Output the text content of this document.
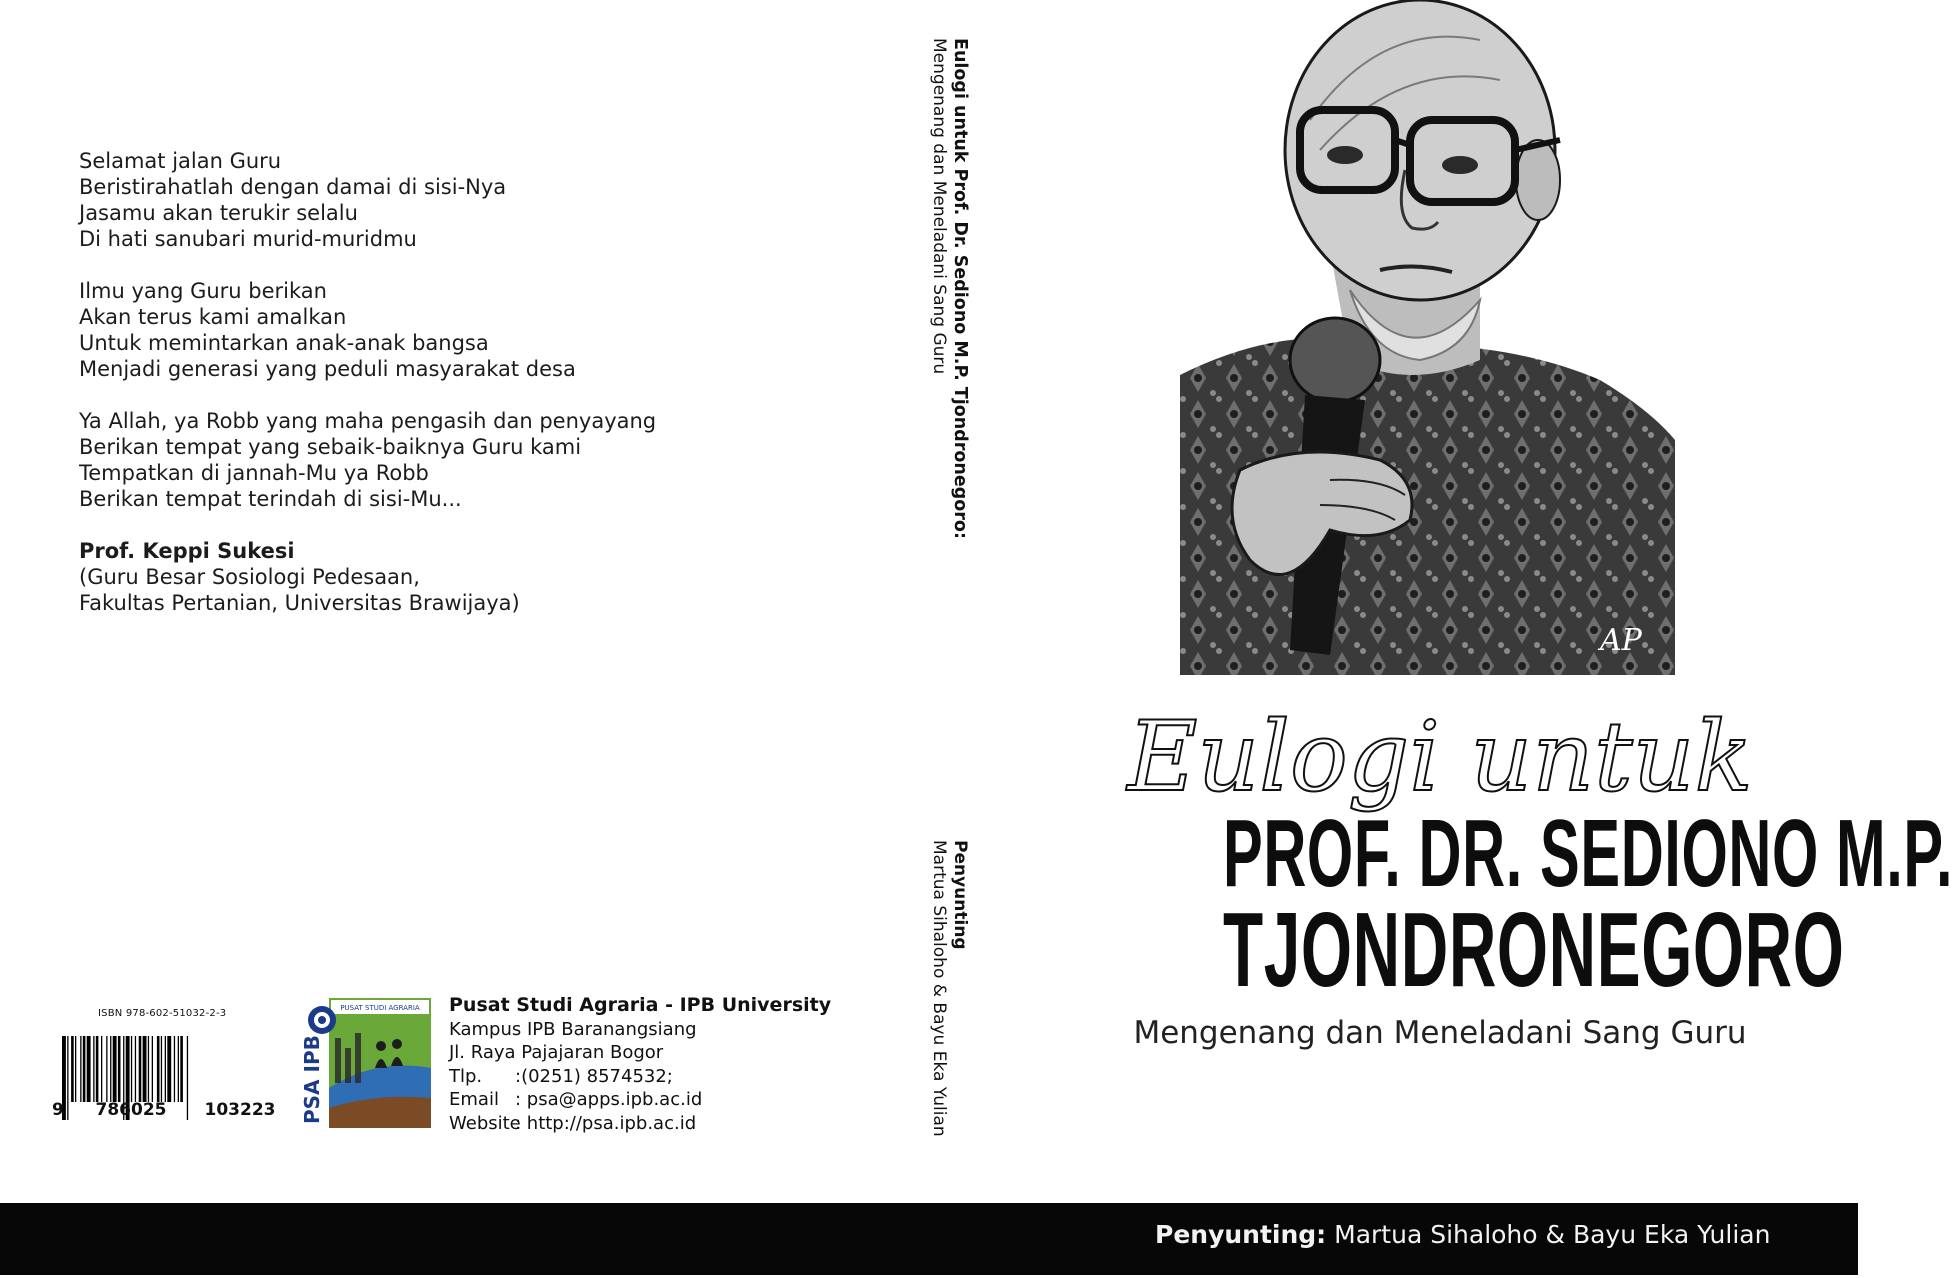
Selamat jalan Guru
Beristirahatlah dengan damai di sisi-Nya
Jasamu akan terukir selalu
Di hati sanubari murid-muridmu
Ilmu yang Guru berikan
Akan terus kami amalkan
Untuk memintarkan anak-anak bangsa
Menjadi generasi yang peduli masyarakat desa
Ya Allah, ya Robb yang maha pengasih dan penyayang
Berikan tempat yang sebaik-baiknya Guru kami
Tempatkan di jannah-Mu ya Robb
Berikan tempat terindah di sisi-Mu...
Prof. Keppi Sukesi
(Guru Besar Sosiologi Pedesaan,
Fakultas Pertanian, Universitas Brawijaya)
ISBN 978-602-51032-2-3
9	786025	103223
PUSAT STUDI AGRARIA
PSA IPB
Pusat Studi Agraria - IPB University
Kampus IPB Baranangsiang
Jl. Raya Pajajaran Bogor
Tlp.	:(0251) 8574532;
Email : psa@apps.ipb.ac.id
Website
: http://psa.ipb.ac.id
Eulogi untuk Prof. Dr. Sediono M.P. Tjondronegoro:
Mengenang dan Meneladani Sang Guru
Penyunting
Martua Sihaloho & Bayu Eka Yulian
AP
Eulogi untuk
PROF. DR. SEDIONO M.P.
TJONDRONEGORO
Mengenang dan Meneladani Sang Guru
Penyunting: Martua Sihaloho & Bayu Eka Yulian
